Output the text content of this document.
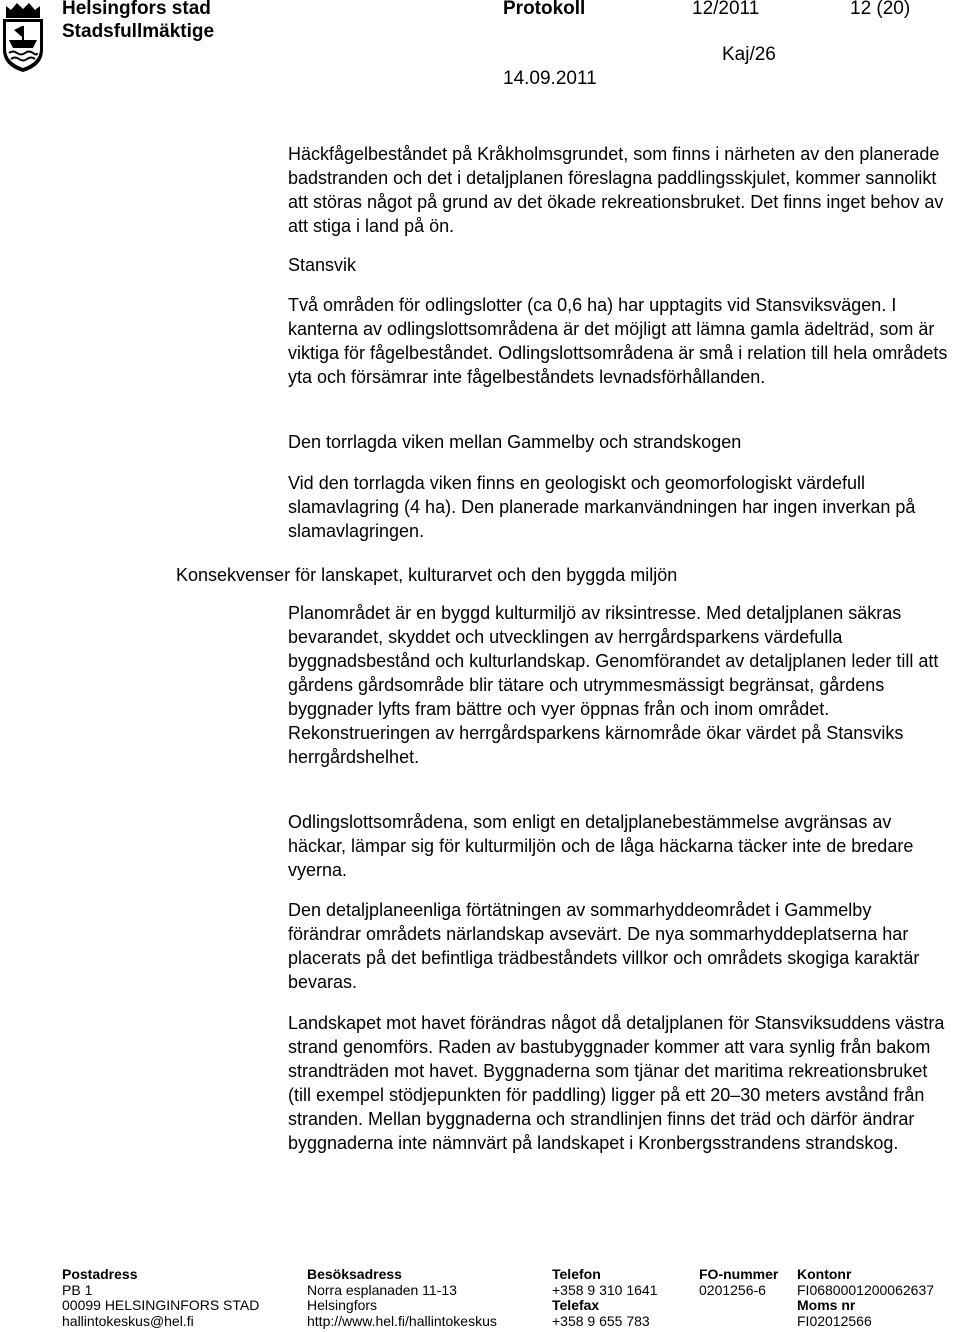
Helsingfors stad
Stadsfullmäktige
Protokoll	12/2011	12 (20)
Kaj/26
14.09.2011

Häckfågelbeståndet på Kråkholmsgrundet, som finns i närheten av den planerade badstranden och det i detaljplanen föreslagna paddlingsskjulet, kommer sannolikt att störas något på grund av det ökade rekreationsbruket. Det finns inget behov av att stiga i land på ön.

Stansvik

Två områden för odlingslotter (ca 0,6 ha) har upptagits vid Stansviksvägen. I kanterna av odlingslottsområdena är det möjligt att lämna gamla ädelträd, som är viktiga för fågelbeståndet. Odlingslottsområdena är små i relation till hela områdets yta och försämrar inte fågelbeståndets levnadsförhållanden.

Den torrlagda viken mellan Gammelby och strandskogen

Vid den torrlagda viken finns en geologiskt och geomorfologiskt värdefull slamavlagring (4 ha). Den planerade markanvändningen har ingen inverkan på slamavlagringen.

Konsekvenser för lanskapet, kulturarvet och den byggda miljön

Planområdet är en byggd kulturmiljö av riksintresse. Med detaljplanen säkras bevarandet, skyddet och utvecklingen av herrgårdsparkens värdefulla byggnadsbestånd och kulturlandskap. Genomförandet av detaljplanen leder till att gårdens gårdsområde blir tätare och utrymmesmässigt begränsat, gårdens byggnader lyfts fram bättre och vyer öppnas från och inom området. Rekonstrueringen av herrgårdsparkens kärnområde ökar värdet på Stansviks herrgårdshelhet.

Odlingslottsområdena, som enligt en detaljplanebestämmelse avgränsas av häckar, lämpar sig för kulturmiljön och de låga häckarna täcker inte de bredare vyerna.

Den detaljplaneenliga förtätningen av sommarhyddeområdet i Gammelby förändrar områdets närlandskap avsevärt. De nya sommarhyddeplatserna har placerats på det befintliga trädbeståndets villkor och områdets skogiga karaktär bevaras.

Landskapet mot havet förändras något då detaljplanen för Stansviksuddens västra strand genomförs. Raden av bastubyggnader kommer att vara synlig från bakom strandträden mot havet. Byggnaderna som tjänar det maritima rekreationsbruket (till exempel stödjepunkten för paddling) ligger på ett 20–30 meters avstånd från stranden. Mellan byggnaderna och strandlinjen finns det träd och därför ändrar byggnaderna inte nämnvärt på landskapet i Kronbergsstrandens strandskog.

Postadress
PB 1
00099 HELSINGINFORS STAD
hallintokeskus@hel.fi
Besöksadress
Norra esplanaden 11-13
Helsingfors
http://www.hel.fi/hallintokeskus
Telefon
+358 9 310 1641
Telefax
+358 9 655 783
FO-nummer
0201256-6
Kontonr
FI0680001200062637
Moms nr
FI02012566
